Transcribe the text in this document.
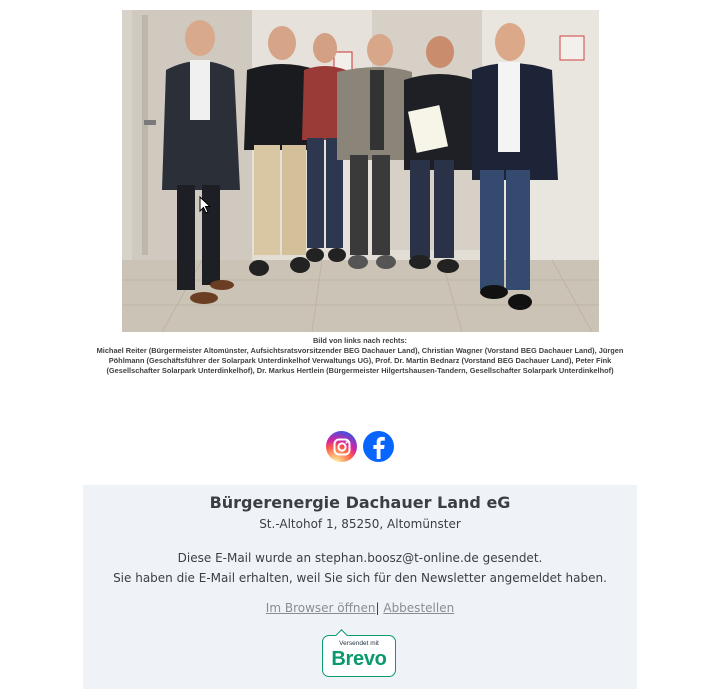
Bild von links nach rechts:
Michael Reiter (Bürgermeister Altomünster, Aufsichtsratsvorsitzender BEG Dachauer Land), Christian Wagner (Vorstand BEG Dachauer Land), Jürgen Pöhlmann (Geschäftsführer der Solarpark Unterdinkelhof Verwaltungs UG), Prof. Dr. Martin Bednarz (Vorstand BEG Dachauer Land), Peter Fink (Gesellschafter Solarpark Unterdinkelhof), Dr. Markus Hertlein (Bürgermeister Hilgertshausen-Tandern, Gesellschafter Solarpark Unterdinkelhof)
Bürgerenergie Dachauer Land eG
St.-Altohof 1, 85250, Altomünster
Diese E-Mail wurde an stephan.boosz@t-online.de gesendet.
Sie haben die E-Mail erhalten, weil Sie sich für den Newsletter angemeldet haben.
Im Browser öffnen| Abbestellen
Versendet mit
Brevo
